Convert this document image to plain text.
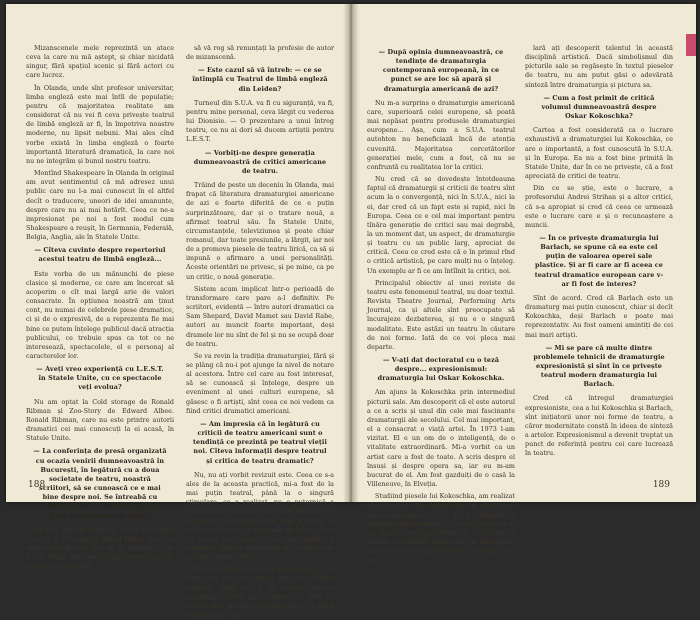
Mizanscenele mele reprezintă un atace ceva la care nu mă aștept, și chiar nicidată singur, fără spațiul scenic și fără actori cu care lucrez.

În Olanda, unde sînt profesor universitar, limba engleză este mai întîi de populație; pentru că majoritatea realitate am considerat că nu vei fi ceva privește teatrul de limbă engleză ar fi, în împotriva noastre moderne, nu lipsit nebuni. Mai ales cînd vorbe există în limba engleză o foarte importantă literatură dramatică, la care noi nu ne integrăm și bunul nostru teatru.

Montînd Shakespeare în Olanda în original am avut sentimentul că mă adresez unui public care nu l-a mai cunoscut în el altfel decît o traducere, uneori de idei amanunte, despre care nu ai mai hotărît. Ceea ce ne-a impresionat pe noi a fost modul cum Shakespeare a reușit, în Germania, Federală, Belgia, Anglia, ale în Statele Unite.

— Cîteva cuvinte despre repertoriul acestui teatru de limbă engleză...

Este vorba de un mănunchi de piese clasice și moderne, ce care am încercat să acoperim o cît mai largă arie de valori consacrate. În opțiunea noastră am ținut cont, nu numai de celebrele piese dramatice, ci și de o expresivă, de a reprezenta fie mai bine ce putem înțelege publicul dacă atracția publicului, ce trebuie spus ca tot ce ne interesează, spectacolele, el e personaj al caracterelor lor.

— Aveți vreo experiență cu L.E.S.T. în Statele Unite, cu ce spectacole veți evolua?

Nu am optat la Cold storage de Ronald Ribman și Zoo-Story de Edward Albee. Ronald Ribman, care nu este printre autorii dramatici cei mai cunoscuți la ei acasă, în Statele Unite.

— La conferința de presă organizată cu ocazia venirii dumneavoastră în București, în legătură cu a doua societate de teatru, noastră scriitori, să se cunoască ce e mai bine despre noi. Se întreabă cu dumneavoastră unde? Se poate? Care e răspunsul lui Rabe?

Nu știu, dar am și David! Vreau să regizez ceva ce îl privește pe David Rabe, piesa sa Sticks and Bones, dar nu în Olanda, ci în S.U.A. După cum poate știți, prezent nu sînt de acord cu această.

să vă rog să renunțați la profesie de autor de mizanscenă.

— Este cazul să vă întreb: — ce se întîmplă cu Teatrul de limbă engleză din Leiden?

Turneul din S.U.A. va fi cu siguranță, va fi, pentru mine personal, ceva lărgit cu vederea lui Dionisie. — O prezentare a unui întreg teatru, ce nu ai dori să ducem artiștii pentru L.E.S.T.

— Vorbiți-ne despre generația dumneavoastră de critici americane de teatru.

Trăind de peste un deceniu în Olanda, mai frapat că literatura dramaturgiei americane de azi e foarte diferită de ce e puțin surprinzătoare, dar și o tratare nouă, a afirmat teatrul său. În Statele Unite, circumstanțele, televiziunea și poate chiar romanul, dar toate presiunile, a lărgit, iar noi de a promova piesele de teatru lirică, ca să și impună o afirmare a unei personalități. Aceste orientări ne privesc, și pe mine, ca pe un critic, o nouă generație.

Sistem acum implicat într-o perioadă de transformare care pare a-l definitiv. Pe scriitori, evidentă — între autori dramatici ca Sam Shepard, David Mamet sau David Rabe, autori au muncit foarte important, deși dramele lor nu sînt de fel și nu se ocupă doar de teatru.

Se va revin la tradiția dramaturgiei, fără și se plâng că nu-i pot ajunge la nivel de notare al acestora. Între cel care au fost interesat, să se cunoască și înțelege, despre un eveniment al unei culturi europene, să găsesc o fi artiști, sînt ceea ce noi vedem ca fiind critici dramatici americani.

— Am impresia că în legătură cu criticii de teatru americani sunt o tendință ce prezintă pe teatrul vieții noi. Cîteva informații despre teatrul și critica de teatru dramatic?

Nu, nu ați vorbit revizuit este. Ceea ce s-a ales de la aceasta practică, mi-a fost de la mai puțin teatral, până la o singură stimulare, ce a realizat, nu e puternică a teatrului lui Saroyan. Ceea ce se întîmplă, cu se ignoră, dacă folosim mai bine, a apărut la criticii de teatru, în perioada de lucru. Ceea ce facem noi, atunci, așa este, pentru a cunoaște, diferite modalități ale teatrului de azi, din Statele Unite.

Pentru critica dramatică americană, la tot faptul că cei doi sînt o idee de tradiția teatrală, fiind ce e la critici. Teatrul american, critica lui, a devenit o artă cu aspect, mai proaspăt ca ideea unui '70 după standardele anilor '70.

188

— După opinia dumneavoastră, ce tendințe de dramaturgia contemporană europeană, în ce punct se are loc să apară și dramaturgia americană de azi?

Nu m-a surprins o dramaturgie americană care, superioară celei europene, să poată mai nepăsat pentru produsele dramaturgiei europene... Așa, cum a S.U.A. teatrul autohton nu beneficiază încă de atenția cuvenită. Majoritatea cercetătorilor generației mele, cum a fost, că nu se confruntă cu realitatea lor la critici.

Nu cred că se dovedește întotdeauna faptul că dramaturgii și criticii de teatru sînt acum la o convergență, nici în S.U.A., nici la ei, dar cred că un fapt este și rapid, nici în Europa. Ceea ce e cel mai important pentru tînăra generație de critici sau mai degrabă, la un moment dat, un aspect, de dramaturgie și teatru cu un public larg, apreciat de critică. Ceea ce cred este că e în primul rînd o critică artistică, pe care mulți nu o înțeleg. Un exemplu ar fi ce am întîlnit la critici, noi.

Principalul obiectiv al unei reviste de teatru este fenomenul teatral, nu doar textul. Revista Theatre Journal, Performing Arts Journal, ca și altele sînt preocupate să încurajeze dezbaterea, și nu e o singură modalitate. Este astăzi un teatru în căutare de noi forme. Iată de ce voi pleca mai departe.

— V-ați dat doctoratul cu o teză despre... expresionismul: dramaturgia lui Oskar Kokoschka.

Am ajuns la Kokoschka prin intermediul picturii sale. Am descoperit că el este autorul a ce a scris și unul din cele mai fascinante dramaturgii ale secolului. Cel mai important, el a consacrat o viață artei. În 1973 l-am vizitat. El e un om de o inteligență, de o vitalitate extraordinară. Mi-a vorbit ca un artist care a fost de toate. A scris despre el însuși și despre opera sa, iar eu m-am bucurat de el. Am fost gazduiți de o casă la Villeneuve, în Elveția.

Studiind piesele lui Kokoschka, am realizat că ele stau nu numai pe un teatru al expresionismului, ci și la o rădăcină a dramaturgiei moderne. O poezie, o pictură și un teatru care au stîrnit, și o lucrare, a apărut la Ostland, împreună cu materialul. Acestea sînt esențiale pentru a înțelege arta sa.

lară ați descoperit talentul în această disciplină artistică. Dacă simbolismul din picturile sale se regăsește în textul pieselor de teatru, nu am putut găsi o adevărată sinteză între dramaturgia și pictura sa.

— Cum a fost primit de critică volumul dumneavoastră despre Oskar Kokoschka?

Cartea a fost considerată ca o lucrare exhaustivă a dramaturgiei lui Kokoschka, ce are o importantă, a fost cunoscută în S.U.A. și în Europa. Ea nu a fost bine primită în Statele Unite, dar în ce ne privește, că a fost apreciată de critici de teatru.

Din ce se știe, este o lucrare, a profesorului Andrei Strihan și a altor critici, că s-a apropiat și cred că ceea ce urmează este o lucrare care e și o recunoaștere a muncii.

— În ce privește dramaturgia lui Barlach, se spune că ea este cel puțin de valoarea operei sale plastice. Și ar fi care ar fi aceea ce teatrul dramatice european care v-ar fi fost de interes?

Sînt de acord. Cred că Barlach este un dramaturg mai puțin cunoscut, chiar și decît Kokoschka, deși Barlach e poate mai reprezentativ. Au fost oameni amintiți de cei mai mari artiști.

— Mi se pare că multe dintre problemele tehnicii de dramaturgie expresionistă și sînt în ce privește teatrul modern dramaturgia lui Barlach.

Cred că întregul dramaturgiei expresioniste, cea a lui Kokoschka și Barlach, sînt inițiatorii unor noi forme de teatru, a căror modernitate constă în ideea de sinteză a artelor. Expresionismul a devenit treptat un punct de referință pentru cei care lucrează în teatru.

189
